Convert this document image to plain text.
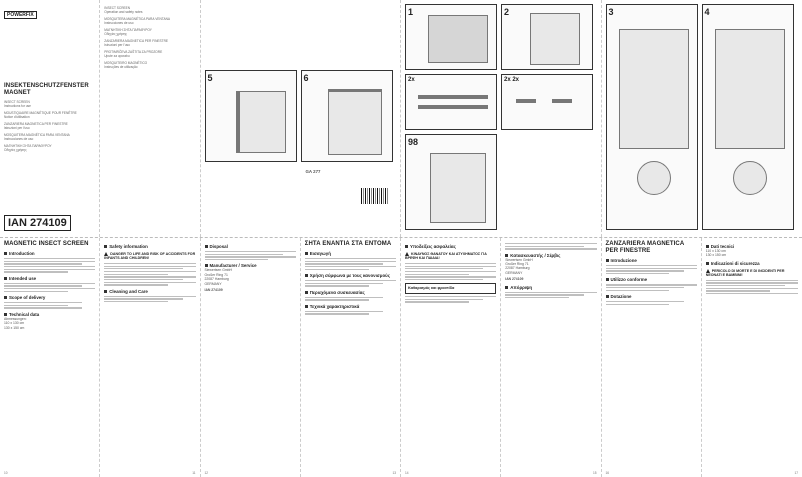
POWERFIX
INSEKTENSCHUTZFENSTER MAGNET
INSECT SCREEN
Instructions for use
MOUSTIQUAIRE MAGNÉTIQUE POUR FENÊTRE
Notice d'utilisation
ZANZARIERA MAGNETICA PER FINESTRE
Istruzioni per l'uso
MOSQUITERA MAGNÉTICA PARA VENTANA
Instrucciones de uso
ΜΑΓΝΗΤΙΚΗ ΣΗΤΑ ΠΑΡΑΘΥΡΟΥ
Οδηγίες χρήσης
IAN 274109
INSECT SCREEN
Operation and safety notes
MOSQUITERA MAGNÉTICA PARA VENTANA
Instrucciones de uso
ΜΑΓΝΗΤΙΚΗ ΣΗΤΑ ΠΑΡΑΘΥΡΟΥ
Οδηγίες χρήσης
ZANZARIERA MAGNETICA PER FINESTRE
Istruzioni per l'uso
PROTIMRČEVA ZAŠTITA ZA PROZORE
Upute za uporabu
MOSQUITEIRO MAGNÉTICO
Instruções de utilização
5	6
GA 277
1	2
2x	2x 2x
98
3	4
MAGNETIC INSECT SCREEN
Introduction
Intended use
Scope of delivery
Technical data
Abmessungen:
110 x 130 cm
130 x 150 cm
10
Safety information
DANGER TO LIFE AND RISK OF ACCIDENTS FOR INFANTS AND CHILDREN!
Cleaning and Care
11
Disposal
Manufacturer / Service
Siewertsen GmbH
Großer Ring 71
22087 Hamburg
GERMANY
IAN 274109
12
ΣΗΤΑ ΕΝΑΝΤΙΑ ΣΤΑ ΕΝΤΟΜΑ
Εισαγωγή
Χρήση σύμφωνα με τους κανονισμούς
Περιεχόμενα συσκευασίας
Τεχνικά χαρακτηριστικά
13
Υποδείξεις ασφαλείας
ΚΙΝΔΥΝΟΣ ΘΑΝΑΤΟΥ ΚΑΙ ΑΤΥΧΗΜΑΤΟΣ ΓΙΑ ΒΡΕΦΗ ΚΑΙ ΠΑΙΔΙΑ!
Καθαρισμός και φροντίδα
14
Κατασκευαστής / Σέρβις
Siewertsen GmbH
Großer Ring 71
22087 Hamburg
GERMANY
IAN 274109
Απόρριψη
15
ZANZARIERA MAGNETICA PER FINESTRE
Introduzione
Utilizzo conforme
Dotazione
16
Dati tecnici
110 x 130 cm
130 x 150 cm
Indicazioni di sicurezza
PERICOLO DI MORTE E DI INCIDENTI PER NEONATI E BAMBINI!
17
